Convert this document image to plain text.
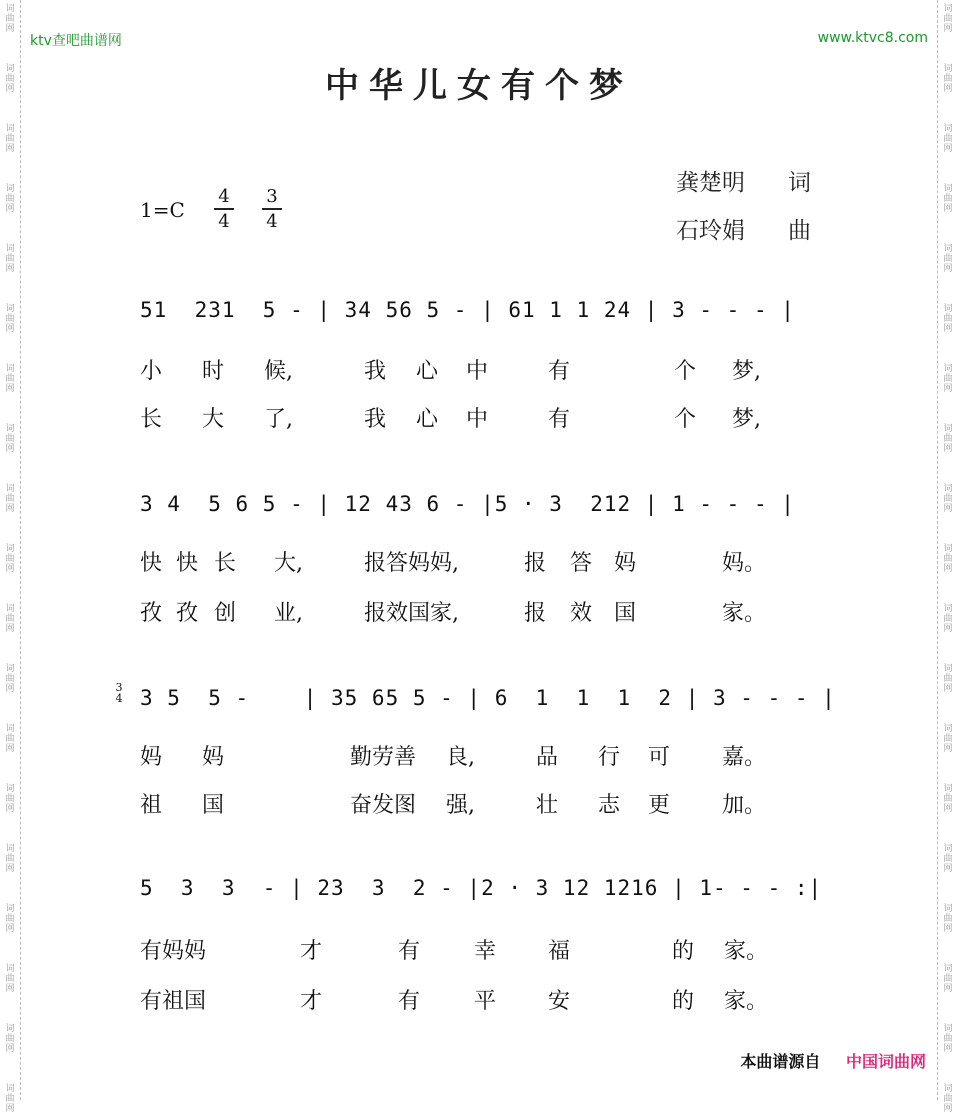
词
曲
网
词
曲
网
词
曲
网
词
曲
网
词
曲
网
词
曲
网
词
曲
网
词
曲
网
词
曲
网
词
曲
网
词
曲
网
词
曲
网
词
曲
网
词
曲
网
词
曲
网
词
曲
网
词
曲
网
词
曲
网
词
曲
网
词
曲
网
词
曲
网
词
曲
网
词
曲
网
词
曲
网
词
曲
网
词
曲
网
词
曲
网
词
曲
网
词
曲
网
词
曲
网
词
曲
网
词
曲
网
词
曲
网
词
曲
网
词
曲
网
词
曲
网
词
曲
网
词
曲
网
ktv查吧曲谱网	www.ktvc8.com
中华儿女有个梦
龚楚明 词
石玲娟 曲
1=C
4
4
3
4
51  231  5 - | 34 56 5 - | 61 1 1 24 | 3 - - - |
小 时 候,	我 心 中	有	个 梦,
长 大 了,	我 心 中	有	个 梦,
3 4  5 6 5 - | 12 43 6 - |5 · 3  212 | 1 - - - |
快 快 长 大,	报答妈妈,	报 答 妈	妈。
孜 孜 创 业,	报效国家,	报 效 国	家。
3
4 3 5  5 -    | 35 65 5 - | 6  1  1  1  2 | 3 - - - |
妈 妈	勤劳善 良,	品 行 可 嘉。
祖 国	奋发图 强,	壮 志 更 加。
5  3  3  - | 23  3  2 - |2 · 3 12 1216 | 1- - - :|
有妈妈	才	有 幸 福	的 家。
有祖国	才	有 平 安	的 家。
本曲谱源自 中国词曲网
